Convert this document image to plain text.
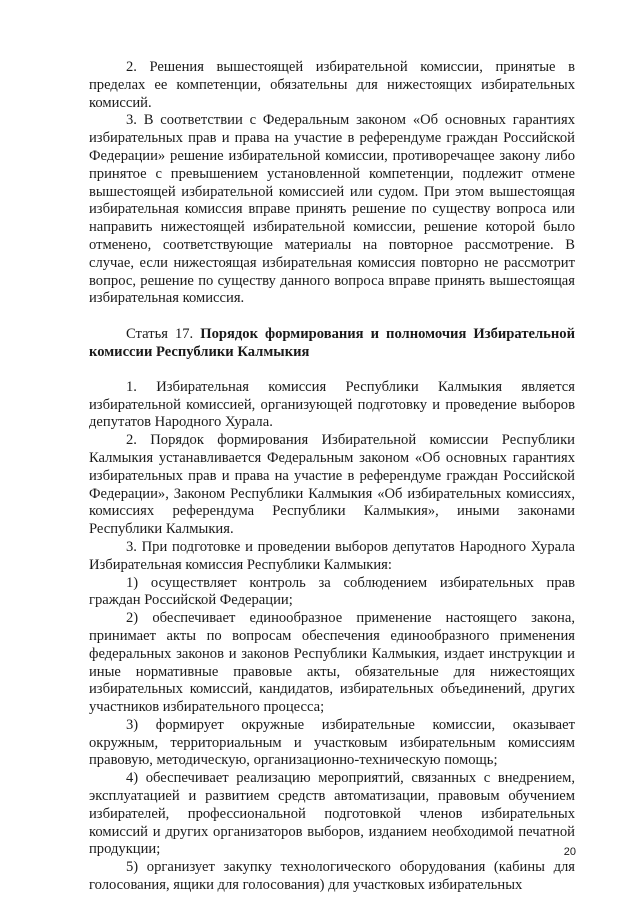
2. Решения вышестоящей избирательной комиссии, принятые в пределах ее компетенции, обязательны для нижестоящих избирательных комиссий.

3. В соответствии с Федеральным законом «Об основных гарантиях избирательных прав и права на участие в референдуме граждан Российской Федерации» решение избирательной комиссии, противоречащее закону либо принятое с превышением установленной компетенции, подлежит отмене вышестоящей избирательной комиссией или судом. При этом вышестоящая избирательная комиссия вправе принять решение по существу вопроса или направить нижестоящей избирательной комиссии, решение которой было отменено, соответствующие материалы на повторное рассмотрение. В случае, если нижестоящая избирательная комиссия повторно не рассмотрит вопрос, решение по существу данного вопроса вправе принять вышестоящая избирательная комиссия.

Статья 17. Порядок формирования и полномочия Избирательной комиссии Республики Калмыкия

1. Избирательная комиссия Республики Калмыкия является избирательной комиссией, организующей подготовку и проведение выборов депутатов Народного Хурала.

2. Порядок формирования Избирательной комиссии Республики Калмыкия устанавливается Федеральным законом «Об основных гарантиях избирательных прав и права на участие в референдуме граждан Российской Федерации», Законом Республики Калмыкия «Об избирательных комиссиях, комиссиях референдума Республики Калмыкия», иными законами Республики Калмыкия.

3. При подготовке и проведении выборов депутатов Народного Хурала Избирательная комиссия Республики Калмыкия:

1) осуществляет контроль за соблюдением избирательных прав граждан Российской Федерации;

2) обеспечивает единообразное применение настоящего закона, принимает акты по вопросам обеспечения единообразного применения федеральных законов и законов Республики Калмыкия, издает инструкции и иные нормативные правовые акты, обязательные для нижестоящих избирательных комиссий, кандидатов, избирательных объединений, других участников избирательного процесса;

3) формирует окружные избирательные комиссии, оказывает окружным, территориальным и участковым избирательным комиссиям правовую, методическую, организационно-техническую помощь;

4) обеспечивает реализацию мероприятий, связанных с внедрением, эксплуатацией и развитием средств автоматизации, правовым обучением избирателей, профессиональной подготовкой членов избирательных комиссий и других организаторов выборов, изданием необходимой печатной продукции;

5) организует закупку технологического оборудования (кабины для голосования, ящики для голосования) для участковых избирательных

20
